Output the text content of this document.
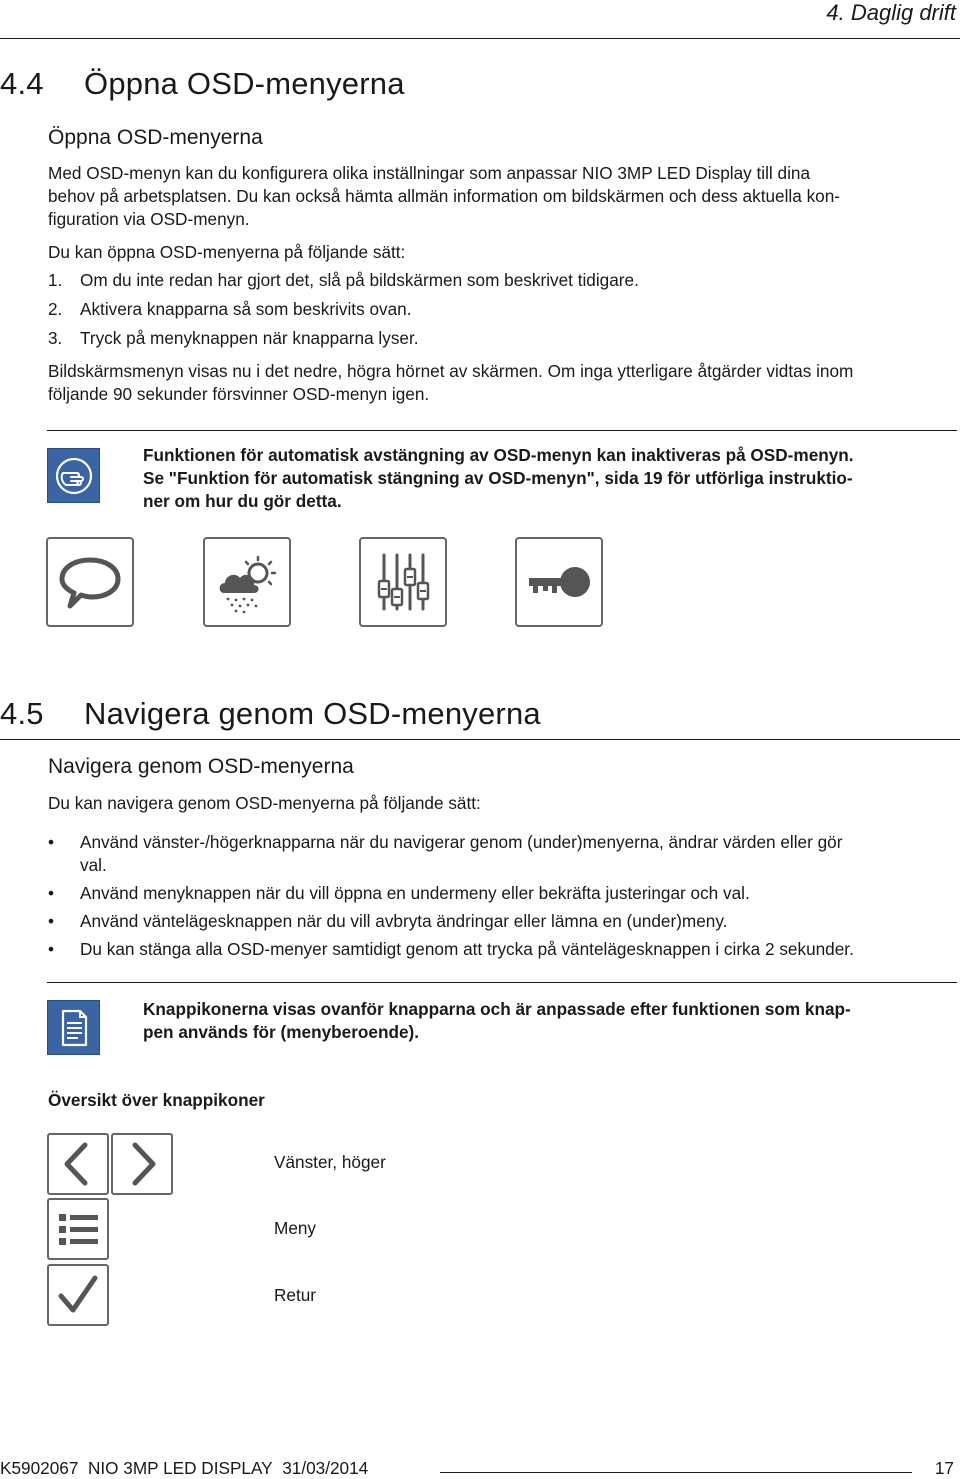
4. Daglig drift
4.4 Öppna OSD-menyerna
Öppna OSD-menyerna
Med OSD-menyn kan du konfigurera olika inställningar som anpassar NIO 3MP LED Display till dina
behov på arbetsplatsen. Du kan också hämta allmän information om bildskärmen och dess aktuella kon-
figuration via OSD-menyn.
Du kan öppna OSD-menyerna på följande sätt:
1. Om du inte redan har gjort det, slå på bildskärmen som beskrivet tidigare.
2. Aktivera knapparna så som beskrivits ovan.
3. Tryck på menyknappen när knapparna lyser.
Bildskärmsmenyn visas nu i det nedre, högra hörnet av skärmen. Om inga ytterligare åtgärder vidtas inom
följande 90 sekunder försvinner OSD-menyn igen.
Funktionen för automatisk avstängning av OSD-menyn kan inaktiveras på OSD-menyn.
Se "Funktion för automatisk stängning av OSD-menyn", sida 19 för utförliga instruktio-
ner om hur du gör detta.
4.5 Navigera genom OSD-menyerna
Navigera genom OSD-menyerna
Du kan navigera genom OSD-menyerna på följande sätt:
•	Använd vänster-/högerknapparna när du navigerar genom (under)menyerna, ändrar värden eller gör
val.
•	Använd menyknappen när du vill öppna en undermeny eller bekräfta justeringar och val.
•	Använd väntelägesknappen när du vill avbryta ändringar eller lämna en (under)meny.
•	Du kan stänga alla OSD-menyer samtidigt genom att trycka på väntelägesknappen i cirka 2 sekunder.
Knappikonerna visas ovanför knapparna och är anpassade efter funktionen som knap-
pen används för (menyberoende).
Översikt över knappikoner
Vänster, höger
Meny
Retur
K5902067 NIO 3MP LED DISPLAY 31/03/2014	17
